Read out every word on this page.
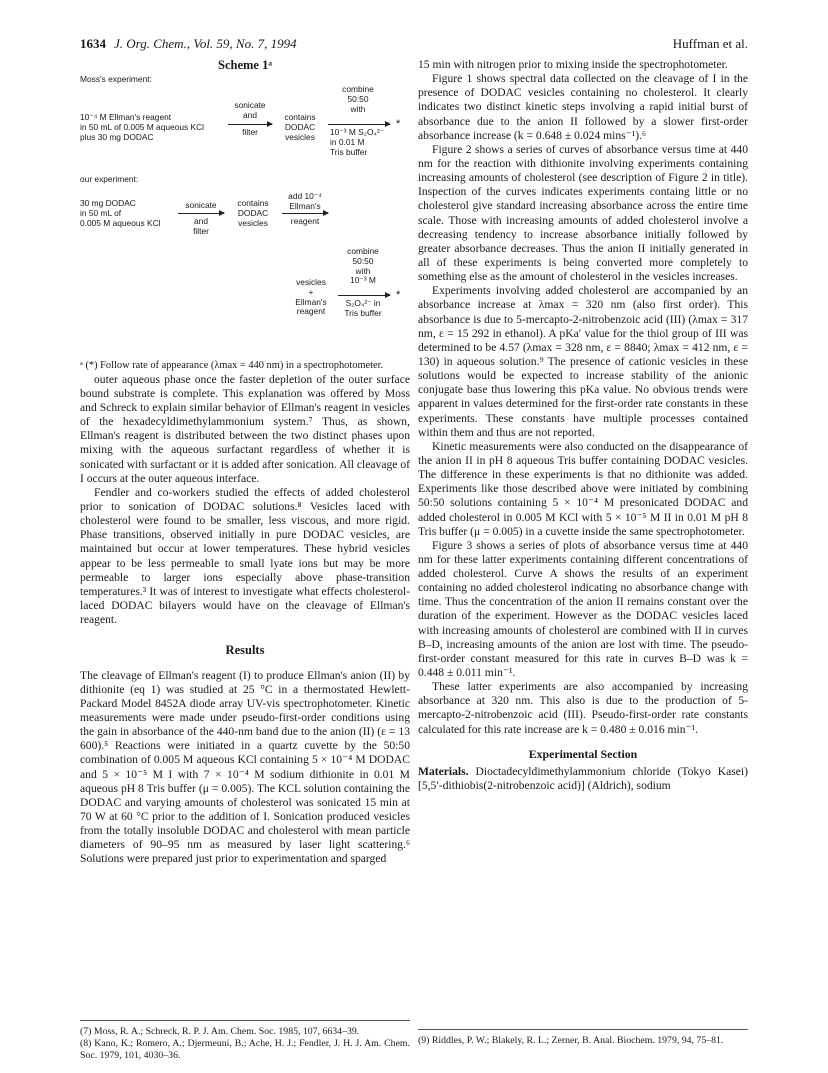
1634 J. Org. Chem., Vol. 59, No. 7, 1994	Huffman et al.
Scheme 1ᵃ
Moss's experiment:
10⁻⁴ M Ellman's reagent
in 50 mL of 0.005 M aqueous KCl
plus 30 mg DODAC
sonicate
and
filter
contains
DODAC
vesicles
combine
50:50
with
10⁻³ M S₂O₄²⁻
in 0.01 M
Tris buffer
*
our experiment:
30 mg DODAC
in 50 mL of
0.005 M aqueous KCl
sonicate
and
filter
contains
DODAC
vesicles
add 10⁻⁴
Ellman's
reagent
vesicles
+
Ellman's
reagent
combine
50:50
with
10⁻³ M
S₂O₄²⁻ in
Tris buffer
*

ᵃ (*) Follow rate of appearance (λmax = 440 nm) in a spectrophotometer.

outer aqueous phase once the faster depletion of the outer surface bound substrate is complete. This explanation was offered by Moss and Schreck to explain similar behavior of Ellman's reagent in vesicles of the hexadecyldimethylammonium system.⁷ Thus, as shown, Ellman's reagent is distributed between the two distinct phases upon mixing with the aqueous surfactant regardless of whether it is sonicated with surfactant or it is added after sonication. All cleavage of I occurs at the outer aqueous interface.

Fendler and co-workers studied the effects of added cholesterol prior to sonication of DODAC solutions.⁸ Vesicles laced with cholesterol were found to be smaller, less viscous, and more rigid. Phase transitions, observed initially in pure DODAC vesicles, are maintained but occur at lower temperatures. These hybrid vesicles appear to be less permeable to small lyate ions but may be more permeable to larger ions especially above phase-transition temperatures.³ It was of interest to investigate what effects cholesterol-laced DODAC bilayers would have on the cleavage of Ellman's reagent.

Results

The cleavage of Ellman's reagent (I) to produce Ellman's anion (II) by dithionite (eq 1) was studied at 25 °C in a thermostated Hewlett-Packard Model 8452A diode array UV-vis spectrophotometer. Kinetic measurements were made under pseudo-first-order conditions using the gain in absorbance of the 440-nm band due to the anion (II) (ε = 13 600).⁵ Reactions were initiated in a quartz cuvette by the 50:50 combination of 0.005 M aqueous KCl containing 5 × 10⁻⁴ M DODAC and 5 × 10⁻⁵ M I with 7 × 10⁻⁴ M sodium dithionite in 0.01 M aqueous pH 8 Tris buffer (μ = 0.005). The KCL solution containing the DODAC and varying amounts of cholesterol was sonicated 15 min at 70 W at 60 °C prior to the addition of I. Sonication produced vesicles from the totally insoluble DODAC and cholesterol with mean particle diameters of 90–95 nm as measured by laser light scattering.⁶ Solutions were prepared just prior to experimentation and sparged

(7) Moss, R. A.; Schreck, R. P. J. Am. Chem. Soc. 1985, 107, 6634–39.

(8) Kano, K.; Romero, A.; Djermeuni, B.; Ache, H. J.; Fendler, J. H. J. Am. Chem. Soc. 1979, 101, 4030–36.

15 min with nitrogen prior to mixing inside the spectrophotometer.

Figure 1 shows spectral data collected on the cleavage of I in the presence of DODAC vesicles containing no cholesterol. It clearly indicates two distinct kinetic steps involving a rapid initial burst of absorbance due to the anion II followed by a slower first-order absorbance increase (k = 0.648 ± 0.024 mins⁻¹).⁶

Figure 2 shows a series of curves of absorbance versus time at 440 nm for the reaction with dithionite involving experiments containing increasing amounts of cholesterol (see description of Figure 2 in title). Inspection of the curves indicates experiments containg little or no cholesterol give standard increasing absorbance across the entire time scale. Those with increasing amounts of added cholesterol involve a decreasing tendency to increase absorbance initially followed by greater absorbance decreases. Thus the anion II initially generated in all of these experiments is being converted more completely to something else as the amount of cholesterol in the vesicles increases.

Experiments involving added cholesterol are accompanied by an absorbance increase at λmax = 320 nm (also first order). This absorbance is due to 5-mercapto-2-nitrobenzoic acid (III) (λmax = 317 nm, ε = 15 292 in ethanol). A pKa′ value for the thiol group of III was determined to be 4.57 (λmax = 328 nm, ε = 8840; λmax = 412 nm, ε = 130) in aqueous solution.⁹ The presence of cationic vesicles in these solutions would be expected to increase stability of the anionic conjugate base thus lowering this pKa value. No obvious trends were apparent in values determined for the first-order rate constants in these experiments. These constants have multiple processes contained within them and thus are not reported.

Kinetic measurements were also conducted on the disappearance of the anion II in pH 8 aqueous Tris buffer containing DODAC vesicles. The difference in these experiments is that no dithionite was added. Experiments like those described above were initiated by combining 50:50 solutions containing 5 × 10⁻⁴ M presonicated DODAC and added cholesterol in 0.005 M KCl with 5 × 10⁻⁵ M II in 0.01 M pH 8 Tris buffer (μ = 0.005) in a cuvette inside the same spectrophotometer.

Figure 3 shows a series of plots of absorbance versus time at 440 nm for these latter experiments containing different concentrations of added cholesterol. Curve A shows the results of an experiment containing no added cholesterol indicating no absorbance change with time. Thus the concentration of the anion II remains constant over the duration of the experiment. However as the DODAC vesicles laced with increasing amounts of cholesterol are combined with II in curves B–D, increasing amounts of the anion are lost with time. The pseudo-first-order constant measured for this rate in curves B–D was k = 0.448 ± 0.011 min⁻¹.

These latter experiments are also accompanied by increasing absorbance at 320 nm. This also is due to the production of 5-mercapto-2-nitrobenzoic acid (III). Pseudo-first-order rate constants calculated for this rate increase are k = 0.480 ± 0.016 min⁻¹.

Experimental Section

Materials. Dioctadecyldimethylammonium chloride (Tokyo Kasei) [5,5′-dithiobis(2-nitrobenzoic acid)] (Aldrich), sodium

(9) Riddles, P. W.; Blakely, R. L.; Zerner, B. Anal. Biochem. 1979, 94, 75–81.
